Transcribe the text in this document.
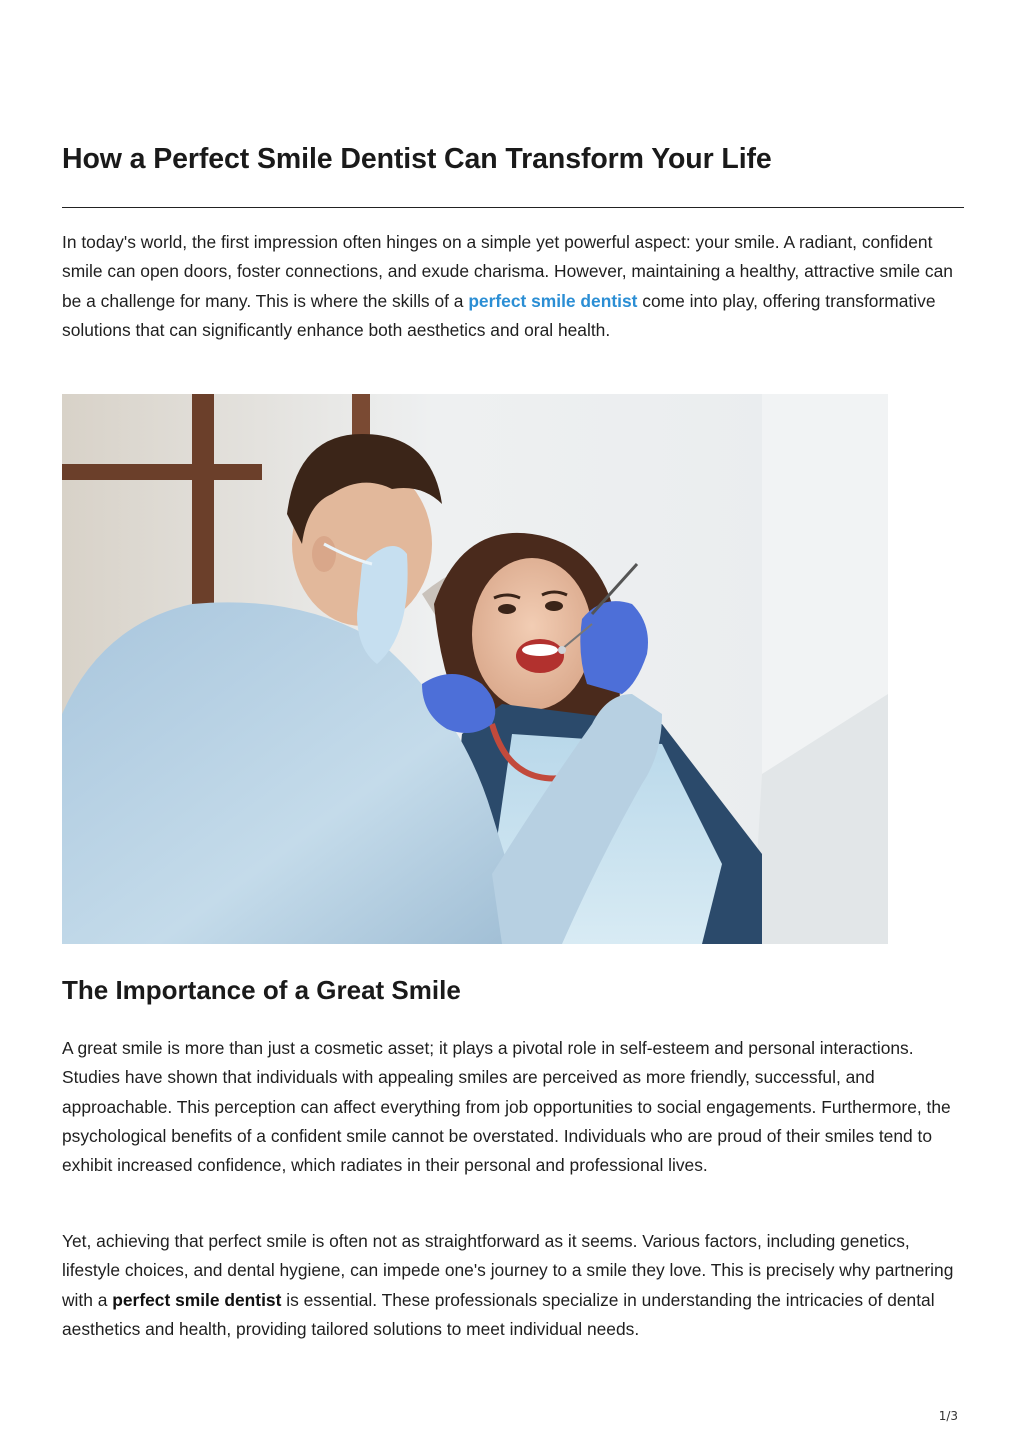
How a Perfect Smile Dentist Can Transform Your Life

In today's world, the first impression often hinges on a simple yet powerful aspect: your smile. A radiant, confident smile can open doors, foster connections, and exude charisma. However, maintaining a healthy, attractive smile can be a challenge for many. This is where the skills of a perfect smile dentist come into play, offering transformative solutions that can significantly enhance both aesthetics and oral health.

The Importance of a Great Smile

A great smile is more than just a cosmetic asset; it plays a pivotal role in self-esteem and personal interactions. Studies have shown that individuals with appealing smiles are perceived as more friendly, successful, and approachable. This perception can affect everything from job opportunities to social engagements. Furthermore, the psychological benefits of a confident smile cannot be overstated. Individuals who are proud of their smiles tend to exhibit increased confidence, which radiates in their personal and professional lives.

Yet, achieving that perfect smile is often not as straightforward as it seems. Various factors, including genetics, lifestyle choices, and dental hygiene, can impede one's journey to a smile they love. This is precisely why partnering with a perfect smile dentist is essential. These professionals specialize in understanding the intricacies of dental aesthetics and health, providing tailored solutions to meet individual needs.

1/3
